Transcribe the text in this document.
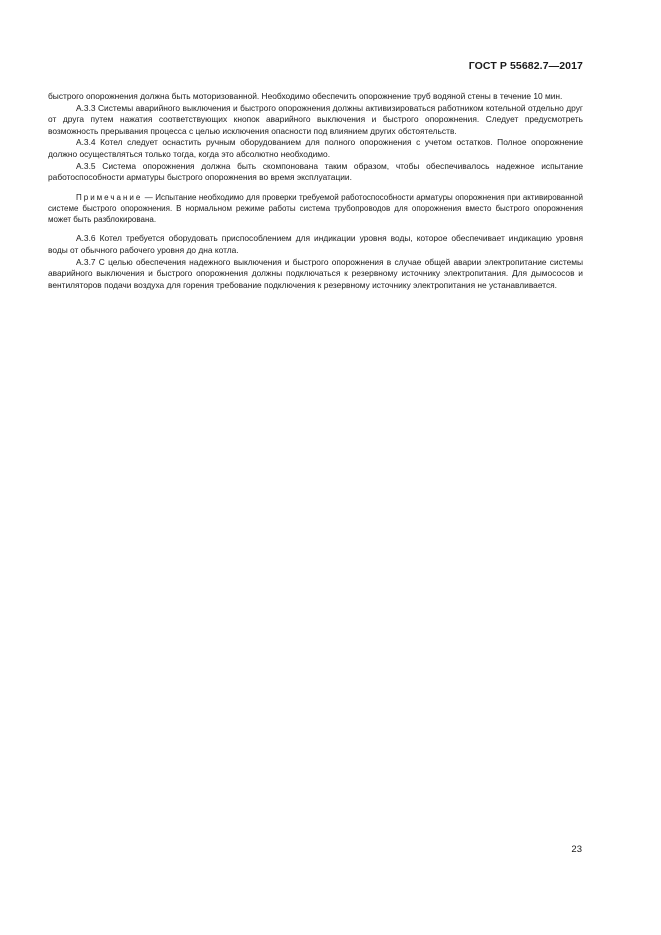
ГОСТ Р 55682.7—2017

быстрого опорожнения должна быть моторизованной. Необходимо обеспечить опорожнение труб водяной стены в течение 10 мин.

А.3.3 Системы аварийного выключения и быстрого опорожнения должны активизироваться работником котельной отдельно друг от друга путем нажатия соответствующих кнопок аварийного выключения и быстрого опорожнения. Следует предусмотреть возможность прерывания процесса с целью исключения опасности под влиянием других обстоятельств.

А.3.4 Котел следует оснастить ручным оборудованием для полного опорожнения с учетом остатков. Полное опорожнение должно осуществляться только тогда, когда это абсолютно необходимо.

А.3.5 Система опорожнения должна быть скомпонована таким образом, чтобы обеспечивалось надежное испытание работоспособности арматуры быстрого опорожнения во время эксплуатации.

Примечание — Испытание необходимо для проверки требуемой работоспособности арматуры опорожнения при активированной системе быстрого опорожнения. В нормальном режиме работы система трубопроводов для опорожнения вместо быстрого опорожнения может быть разблокирована.

А.3.6 Котел требуется оборудовать приспособлением для индикации уровня воды, которое обеспечивает индикацию уровня воды от обычного рабочего уровня до дна котла.

А.3.7 С целью обеспечения надежного выключения и быстрого опорожнения в случае общей аварии электропитание системы аварийного выключения и быстрого опорожнения должны подключаться к резервному источнику электропитания. Для дымососов и вентиляторов подачи воздуха для горения требование подключения к резервному источнику электропитания не устанавливается.

23
